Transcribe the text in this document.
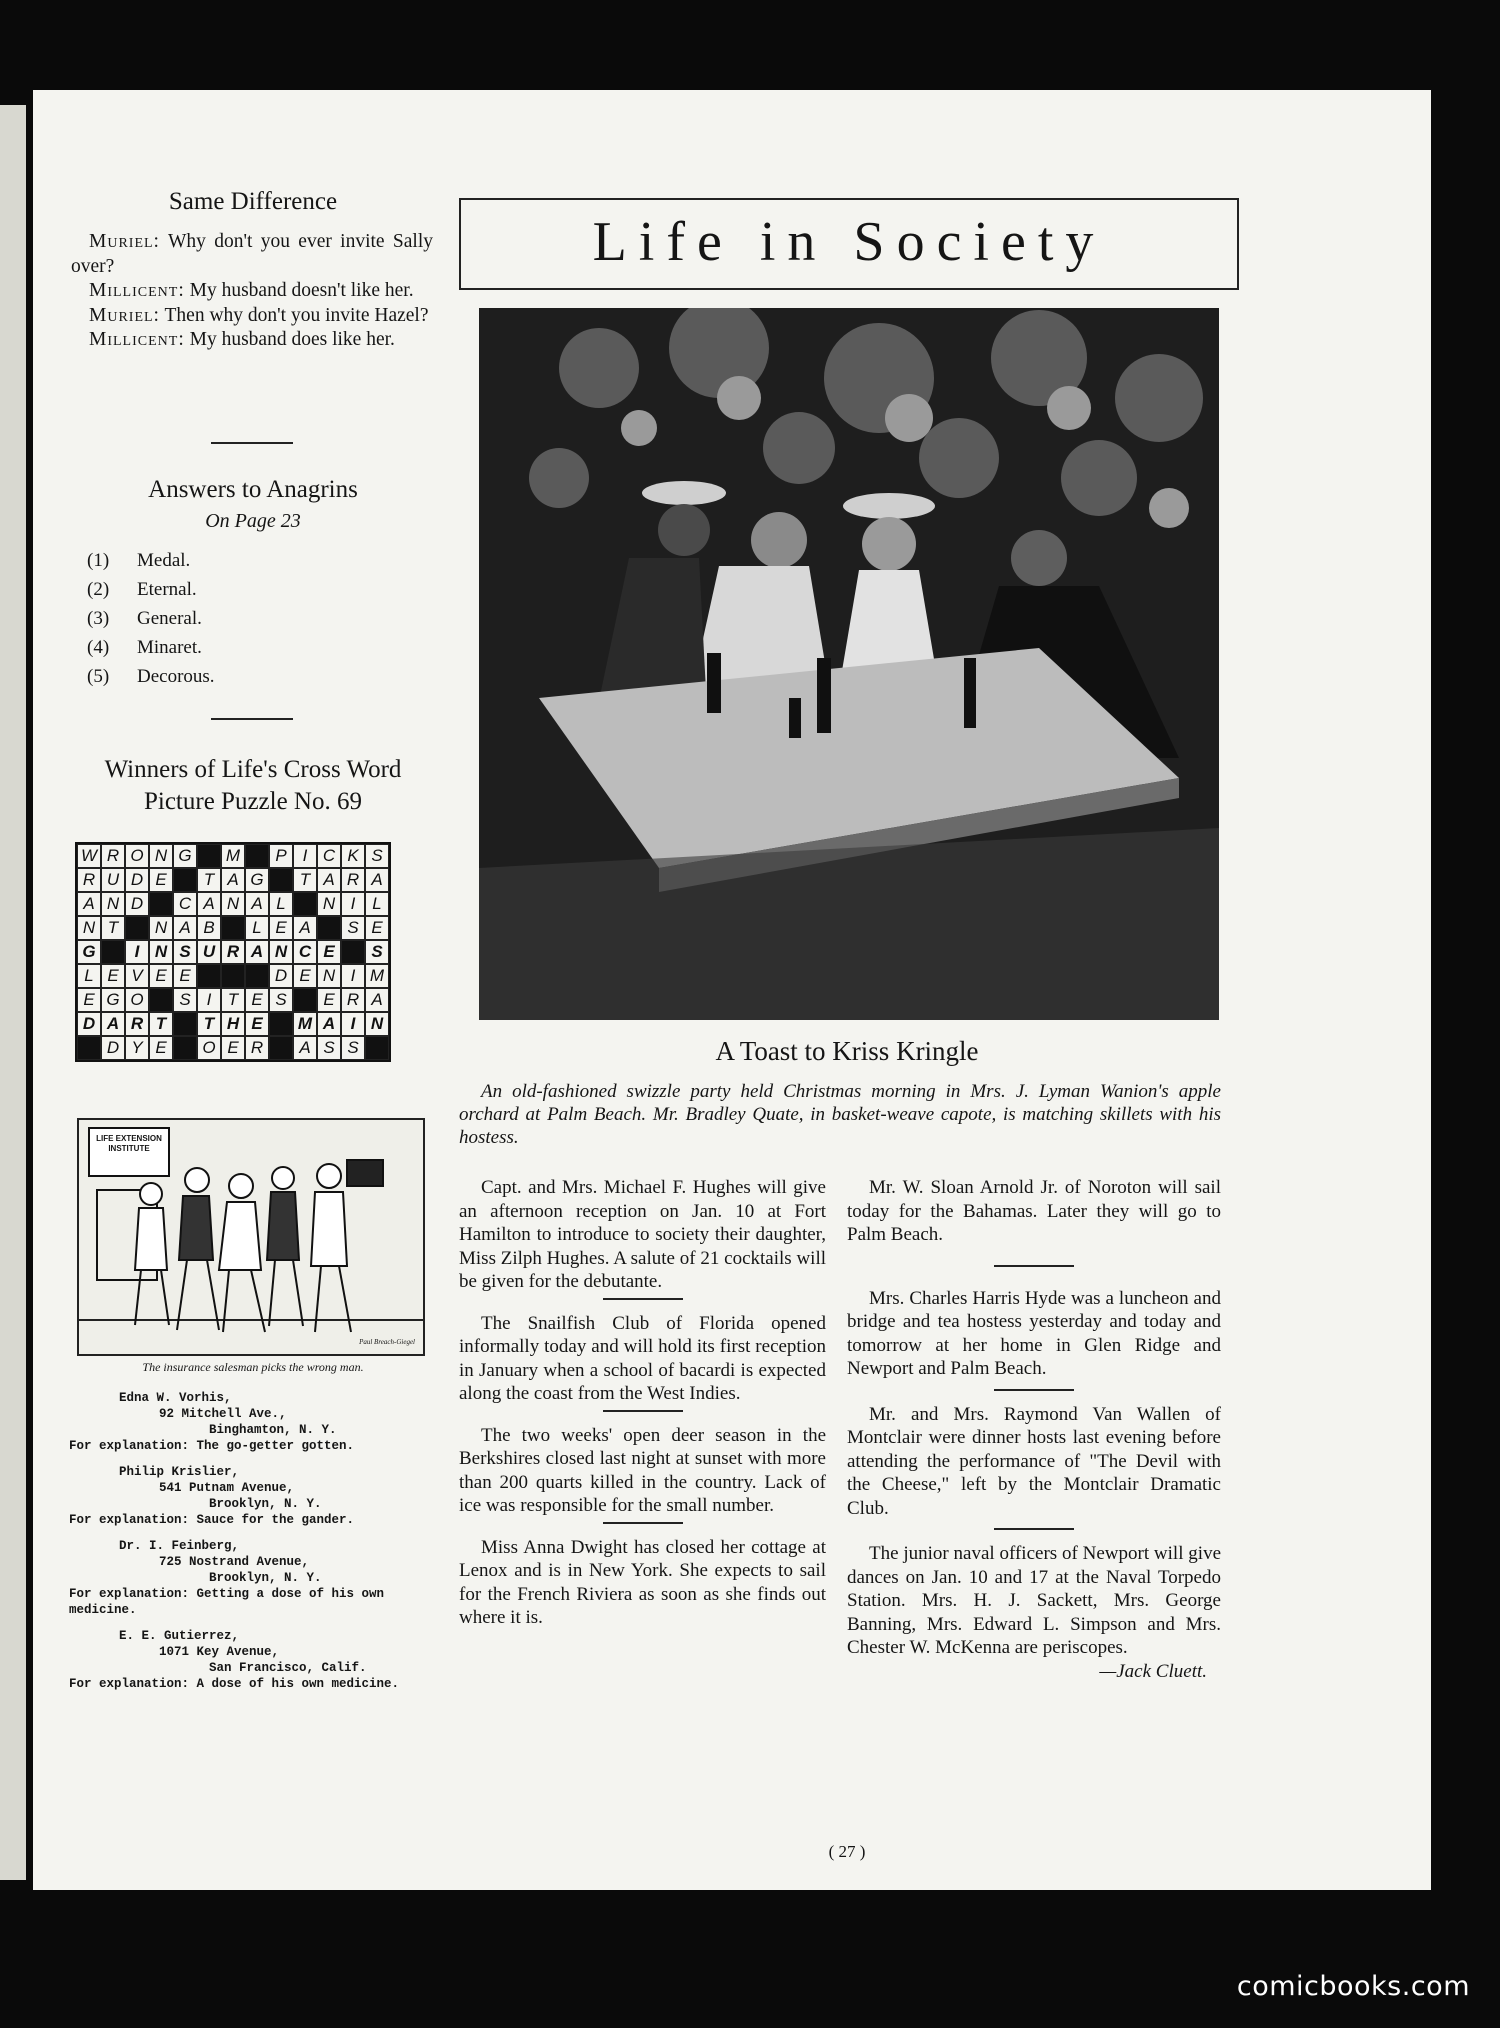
Same Difference

Muriel: Why don't you ever invite Sally over?

Millicent: My husband doesn't like her.

Muriel: Then why don't you invite Hazel?

Millicent: My husband does like her.

Answers to Anagrins
On Page 23
(1) Medal.
(2) Eternal.
(3) General.
(4) Minaret.
(5) Decorous.
Winners of Life's Cross Word
Picture Puzzle No. 69
W R O N G	M	P I C K S
R U D E	T A G	T A R A
A N D	C A N A L	N I L
N T	N A B	L E A	S E
G	I N S U R A N C E	S
L E V E E	D E N I M
E G O	S I T E S	E R A
D A R T	T H E	M A I N
D Y E	O E R	A S S
LIFE EXTENSION INSTITUTE
Paul Breach-Giegel
The insurance salesman picks the wrong man.
Edna W. Vorhis,
92 Mitchell Ave.,
Binghamton, N. Y.
For explanation: The go-getter gotten.
Philip Krislier,
541 Putnam Avenue,
Brooklyn, N. Y.
For explanation: Sauce for the gander.
Dr. I. Feinberg,
725 Nostrand Avenue,
Brooklyn, N. Y.
For explanation: Getting a dose of his own medicine.
E. E. Gutierrez,
1071 Key Avenue,
San Francisco, Calif.
For explanation: A dose of his own medicine.
Life in Society
A Toast to Kriss Kringle
An old-fashioned swizzle party held Christmas morning in Mrs. J. Lyman Wanion's apple orchard at Palm Beach. Mr. Bradley Quate, in basket-weave capote, is matching skillets with his hostess.

Capt. and Mrs. Michael F. Hughes will give an afternoon reception on Jan. 10 at Fort Hamilton to introduce to society their daughter, Miss Zilph Hughes. A salute of 21 cocktails will be given for the debutante.

The Snailfish Club of Florida opened informally today and will hold its first reception in January when a school of bacardi is expected along the coast from the West Indies.

The two weeks' open deer season in the Berkshires closed last night at sunset with more than 200 quarts killed in the country. Lack of ice was responsible for the small number.

Miss Anna Dwight has closed her cottage at Lenox and is in New York. She expects to sail for the French Riviera as soon as she finds out where it is.

Mr. W. Sloan Arnold Jr. of Noroton will sail today for the Bahamas. Later they will go to Palm Beach.

Mrs. Charles Harris Hyde was a luncheon and bridge and tea hostess yesterday and today and tomorrow at her home in Glen Ridge and Newport and Palm Beach.

Mr. and Mrs. Raymond Van Wallen of Montclair were dinner hosts last evening before attending the performance of "The Devil with the Cheese," left by the Montclair Dramatic Club.

The junior naval officers of Newport will give dances on Jan. 10 and 17 at the Naval Torpedo Station. Mrs. H. J. Sackett, Mrs. George Banning, Mrs. Edward L. Simpson and Mrs. Chester W. McKenna are periscopes.

—Jack Cluett.
( 27 )
comicbooks.com
